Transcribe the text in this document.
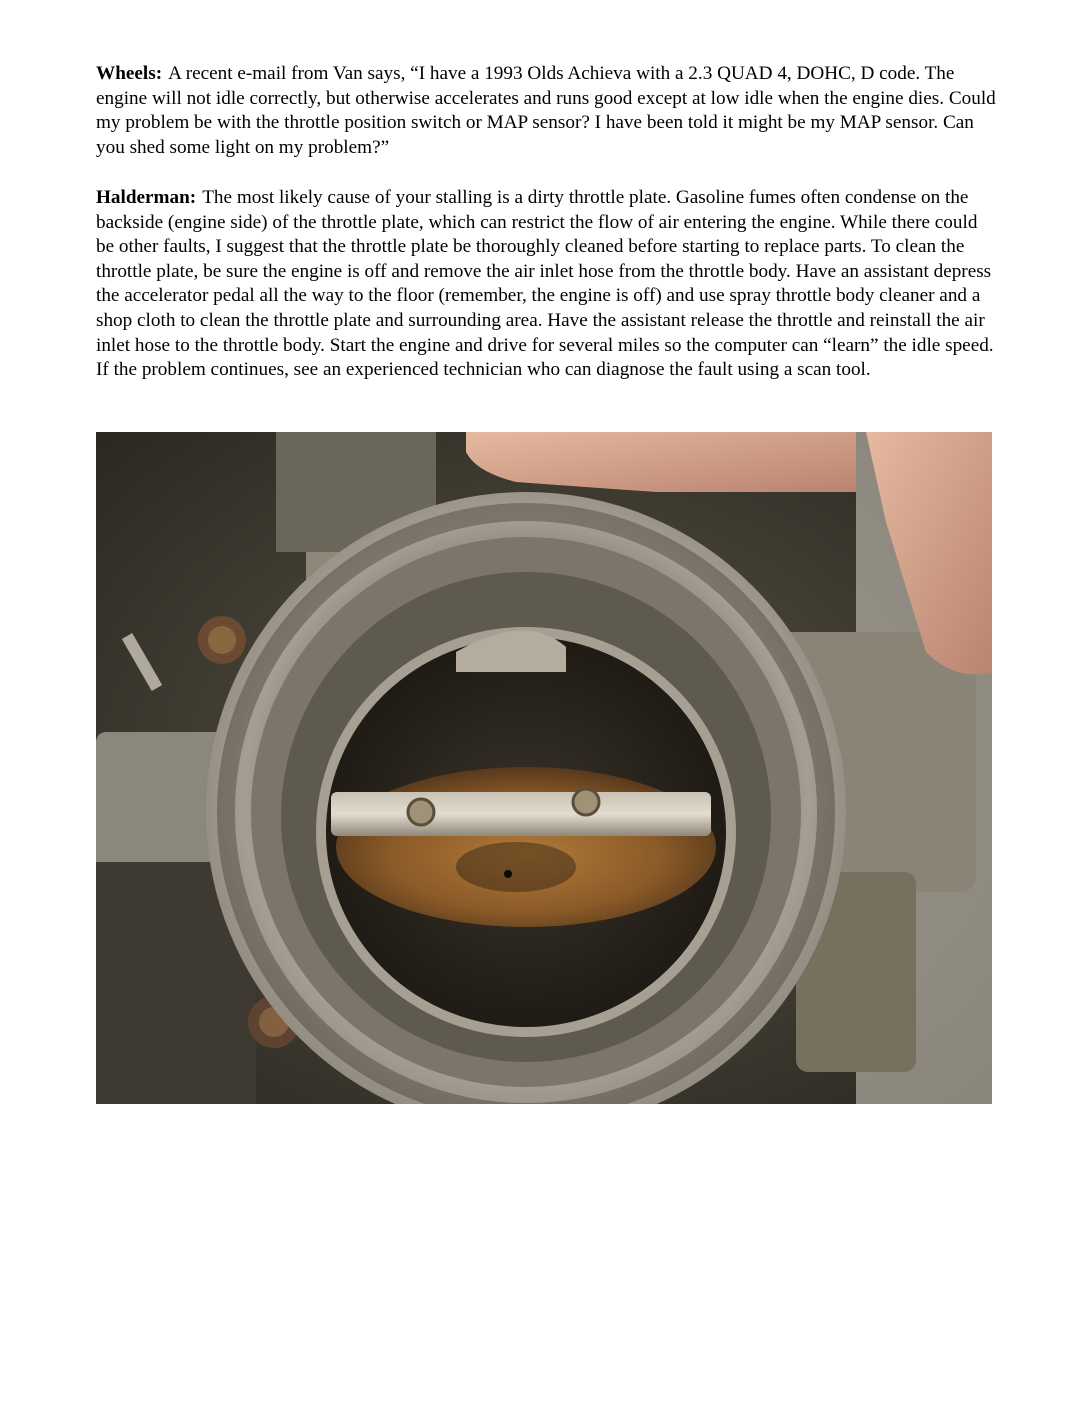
Wheels: A recent e-mail from Van says, “I have a 1993 Olds Achieva with a 2.3 QUAD 4, DOHC, D code. The engine will not idle correctly, but otherwise accelerates and runs good except at low idle when the engine dies. Could my problem be with the throttle position switch or MAP sensor? I have been told it might be my MAP sensor. Can you shed some light on my problem?”

Halderman: The most likely cause of your stalling is a dirty throttle plate. Gasoline fumes often condense on the backside (engine side) of the throttle plate, which can restrict the flow of air entering the engine. While there could be other faults, I suggest that the throttle plate be thoroughly cleaned before starting to replace parts. To clean the throttle plate, be sure the engine is off and remove the air inlet hose from the throttle body. Have an assistant depress the accelerator pedal all the way to the floor (remember, the engine is off) and use spray throttle body cleaner and a shop cloth to clean the throttle plate and surrounding area. Have the assistant release the throttle and reinstall the air inlet hose to the throttle body. Start the engine and drive for several miles so the computer can “learn” the idle speed. If the problem continues, see an experienced technician who can diagnose the fault using a scan tool.
